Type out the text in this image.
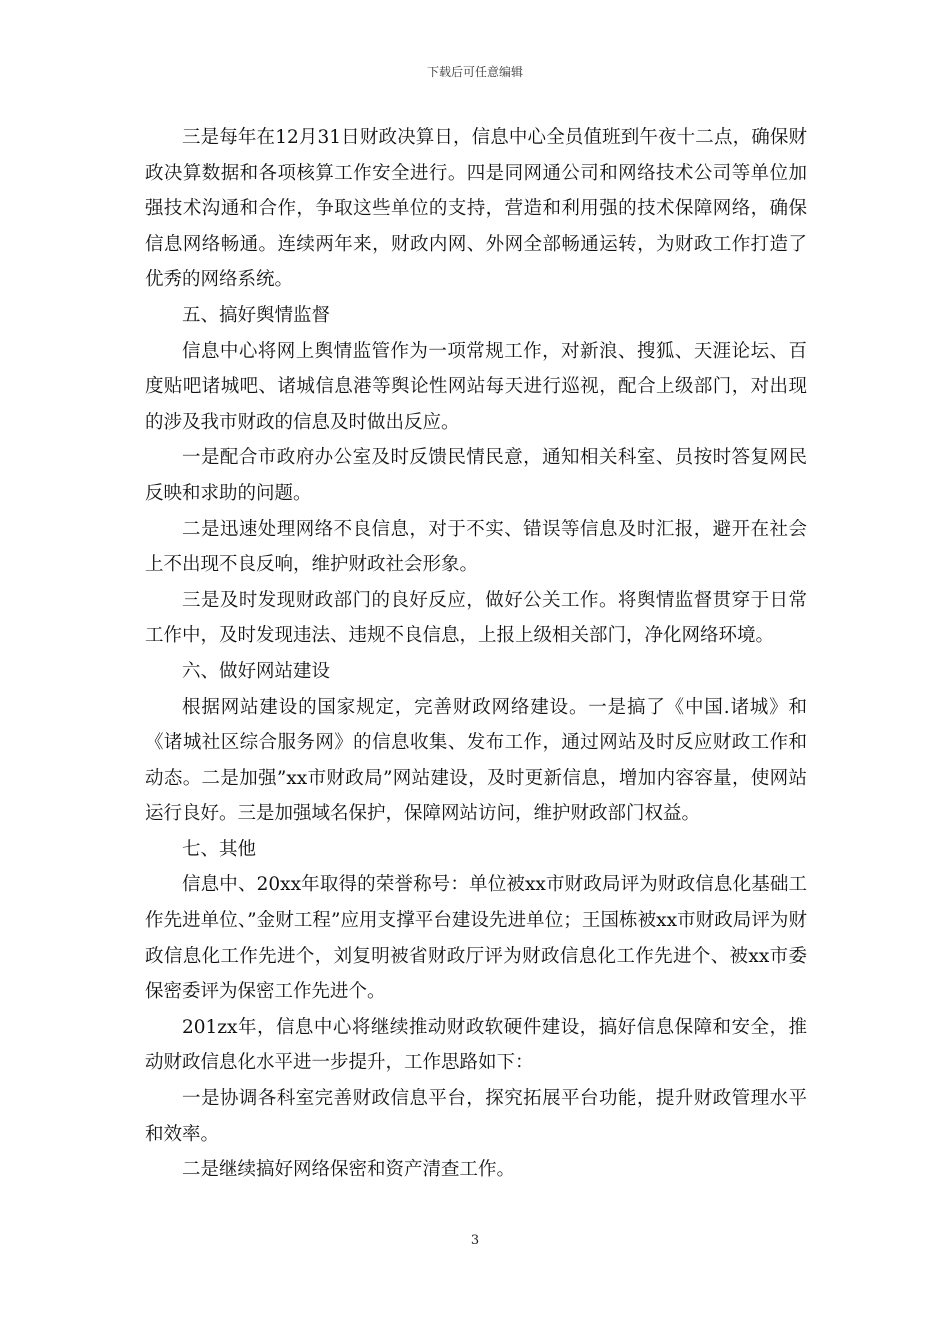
下载后可任意编辑

三是每年在12月31日财政决算日，信息中心全员值班到午夜十二点，确保财政决算数据和各项核算工作安全进行。四是同网通公司和网络技术公司等单位加强技术沟通和合作，争取这些单位的支持，营造和利用强的技术保障网络，确保信息网络畅通。连续两年来，财政内网、外网全部畅通运转，为财政工作打造了优秀的网络系统。

五、搞好舆情监督

信息中心将网上舆情监管作为一项常规工作，对新浪、搜狐、天涯论坛、百度贴吧诸城吧、诸城信息港等舆论性网站每天进行巡视，配合上级部门，对出现的涉及我市财政的信息及时做出反应。

一是配合市政府办公室及时反馈民情民意，通知相关科室、员按时答复网民反映和求助的问题。

二是迅速处理网络不良信息，对于不实、错误等信息及时汇报，避开在社会上不出现不良反响，维护财政社会形象。

三是及时发现财政部门的良好反应，做好公关工作。将舆情监督贯穿于日常工作中，及时发现违法、违规不良信息，上报上级相关部门，净化网络环境。

六、做好网站建设

根据网站建设的国家规定，完善财政网络建设。一是搞了《中国.诸城》和《诸城社区综合服务网》的信息收集、发布工作，通过网站及时反应财政工作和动态。二是加强”xx市财政局”网站建设，及时更新信息，增加内容容量，使网站运行良好。三是加强域名保护，保障网站访问，维护财政部门权益。

七、其他

信息中、20xx年取得的荣誉称号：单位被xx市财政局评为财政信息化基础工作先进单位、”金财工程”应用支撑平台建设先进单位；王国栋被xx市财政局评为财政信息化工作先进个，刘复明被省财政厅评为财政信息化工作先进个、被xx市委保密委评为保密工作先进个。

201zx年，信息中心将继续推动财政软硬件建设，搞好信息保障和安全，推动财政信息化水平进一步提升，工作思路如下：

一是协调各科室完善财政信息平台，探究拓展平台功能，提升财政管理水平和效率。

二是继续搞好网络保密和资产清查工作。

3
